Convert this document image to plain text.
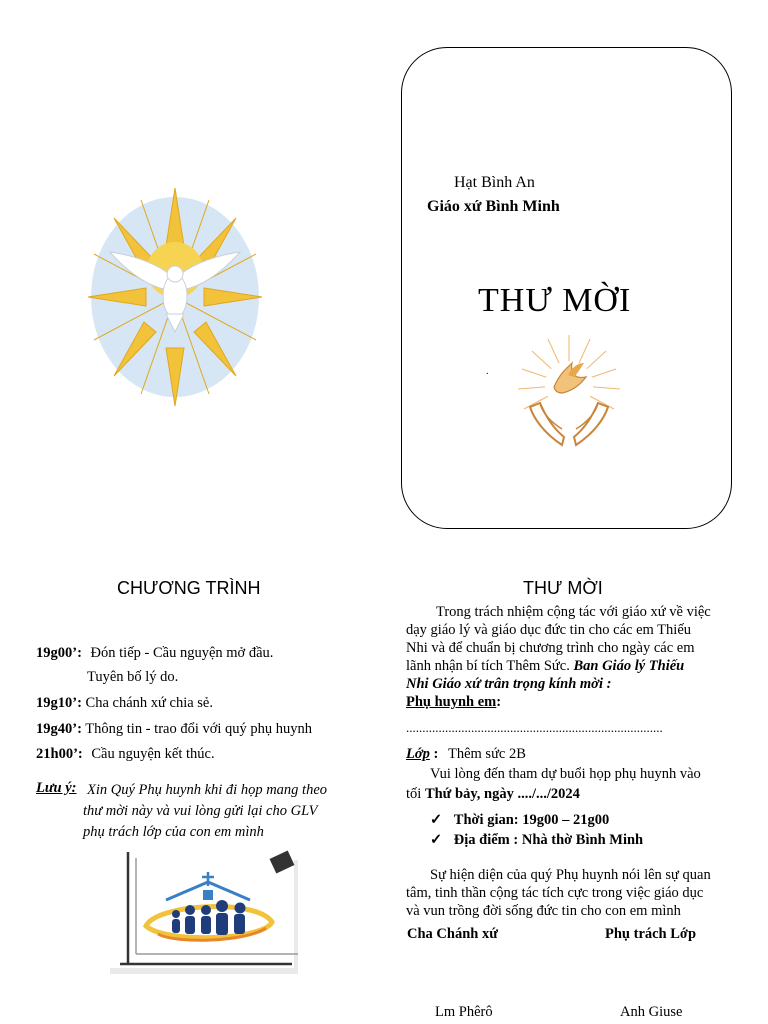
Hạt Bình An
Giáo xứ Bình Minh
THƯ MỜI
.
CHƯƠNG TRÌNH
19g00’: Đón tiếp - Cầu nguyện mở đầu.
Tuyên bố lý do.
19g10’: Cha chánh xứ chia sẻ.
19g40’: Thông tin - trao đổi với quý phụ huynh
21h00’: Cầu nguyện kết thúc.
Lưu ý: Xin Quý Phụ huynh khi đi họp mang theo
thư mời này và vui lòng gửi lại cho GLV
phụ trách lớp của con em mình
THƯ MỜI
Trong trách nhiệm cộng tác với giáo xứ về việc
dạy giáo lý và giáo dục đức tin cho các em Thiếu
Nhi và để chuẩn bị chương trình cho ngày các em
lãnh nhận bí tích Thêm Sức. Ban Giáo lý Thiếu
Nhi Giáo xứ trân trọng kính mời :
Phụ huynh em:
...............................................................................
Lớp : Thêm sức 2B
Vui lòng đến tham dự buổi họp phụ huynh vào
tối Thứ bảy, ngày ..../.../2024
✓ Thời gian: 19g00 – 21g00
✓ Địa điểm : Nhà thờ Bình Minh
Sự hiện diện của quý Phụ huynh nói lên sự quan
tâm, tinh thần cộng tác tích cực trong việc giáo dục
và vun trồng đời sống đức tin cho con em mình
Cha Chánh xứ	Phụ trách Lớp
Lm Phêrô	Anh Giuse
